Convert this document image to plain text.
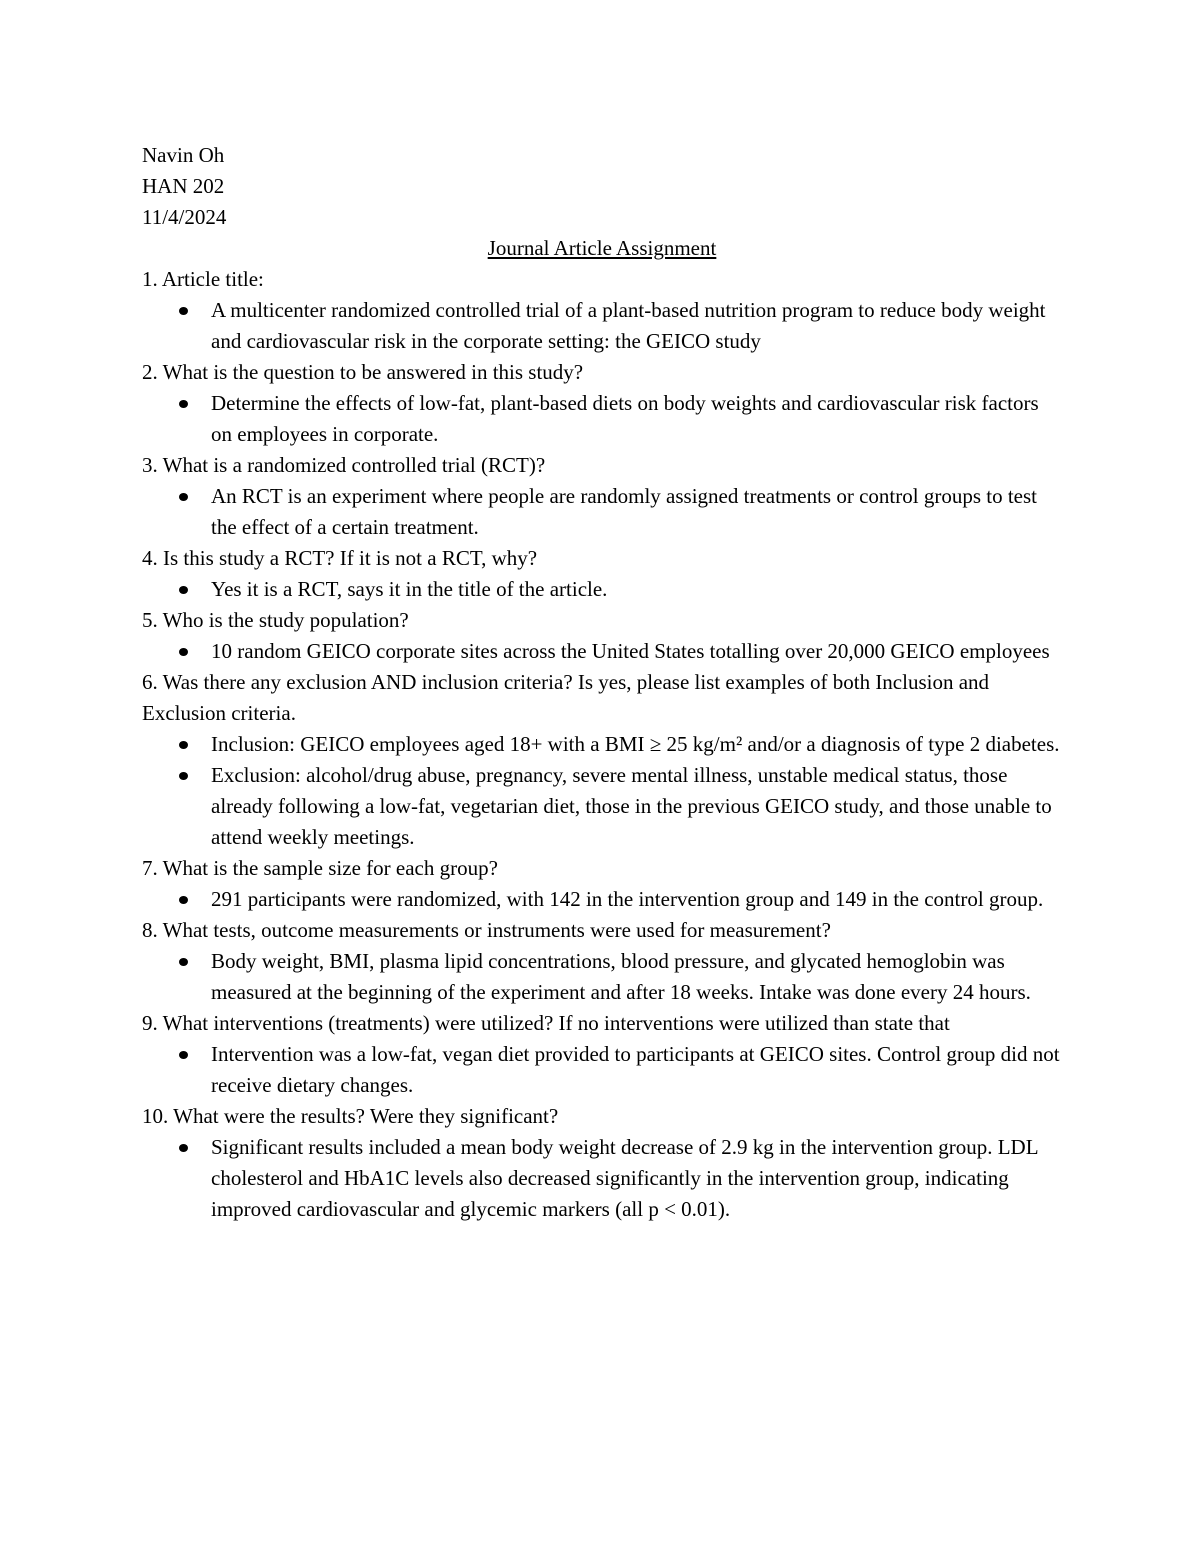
Navin Oh

HAN 202

11/4/2024

Journal Article Assignment

1. Article title:

A multicenter randomized controlled trial of a plant-based nutrition program to reduce body weight and cardiovascular risk in the corporate setting: the GEICO study

2. What is the question to be answered in this study?

Determine the effects of low-fat, plant-based diets on body weights and cardiovascular risk factors on employees in corporate.

3. What is a randomized controlled trial (RCT)?

An RCT is an experiment where people are randomly assigned treatments or control groups to test the effect of a certain treatment.

4. Is this study a RCT? If it is not a RCT, why?

Yes it is a RCT, says it in the title of the article.

5. Who is the study population?

10 random GEICO corporate sites across the United States totalling over 20,000 GEICO employees

6. Was there any exclusion AND inclusion criteria? Is yes, please list examples of both Inclusion and Exclusion criteria.

Inclusion: GEICO employees aged 18+ with a BMI ≥ 25 kg/m² and/or a diagnosis of type 2 diabetes.
Exclusion: alcohol/drug abuse, pregnancy, severe mental illness, unstable medical status, those already following a low-fat, vegetarian diet, those in the previous GEICO study, and those unable to attend weekly meetings.

7. What is the sample size for each group?

291 participants were randomized, with 142 in the intervention group and 149 in the control group.

8. What tests, outcome measurements or instruments were used for measurement?

Body weight, BMI, plasma lipid concentrations, blood pressure, and glycated hemoglobin was measured at the beginning of the experiment and after 18 weeks. Intake was done every 24 hours.

9. What interventions (treatments) were utilized? If no interventions were utilized than state that

Intervention was a low-fat, vegan diet provided to participants at GEICO sites. Control group did not receive dietary changes.

10. What were the results? Were they significant?

Significant results included a mean body weight decrease of 2.9 kg in the intervention group. LDL cholesterol and HbA1C levels also decreased significantly in the intervention group, indicating improved cardiovascular and glycemic markers (all p < 0.01).
